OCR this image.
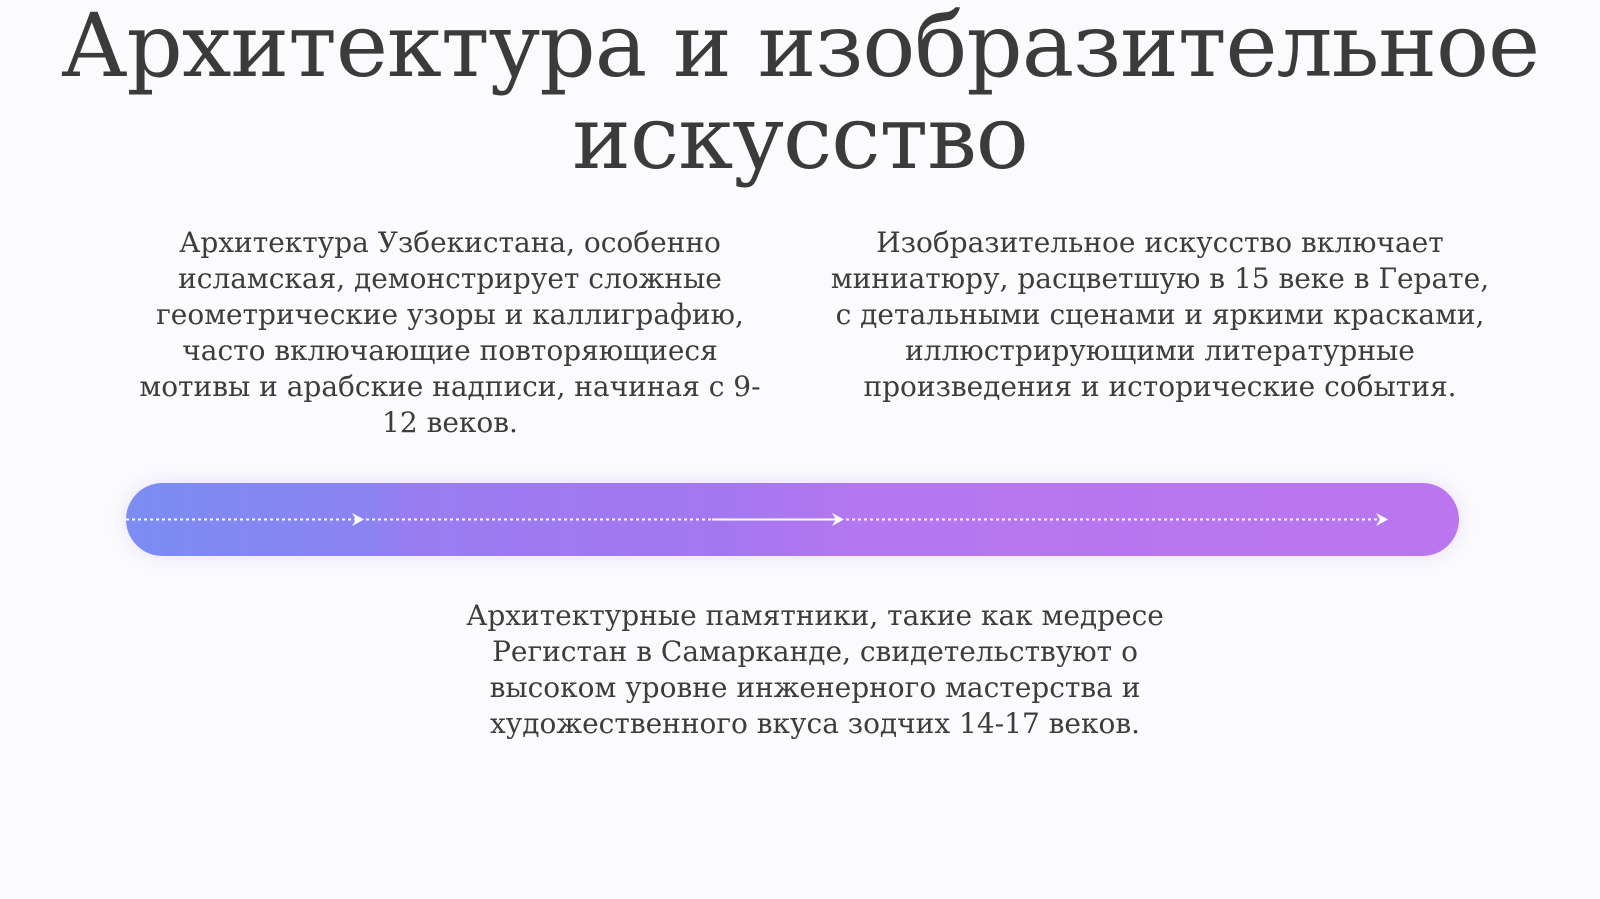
Архитектура и изобразительное искусство

Архитектура Узбекистана, особенно исламская, демонстрирует сложные геометрические узоры и каллиграфию, часто включающие повторяющиеся мотивы и арабские надписи, начиная с 9-12 веков.

Изобразительное искусство включает миниатюру, расцветшую в 15 веке в Герате, с детальными сценами и яркими красками, иллюстрирующими литературные произведения и исторические события.

Архитектурные памятники, такие как медресе Регистан в Самарканде, свидетельствуют о высоком уровне инженерного мастерства и художественного вкуса зодчих 14-17 веков.
